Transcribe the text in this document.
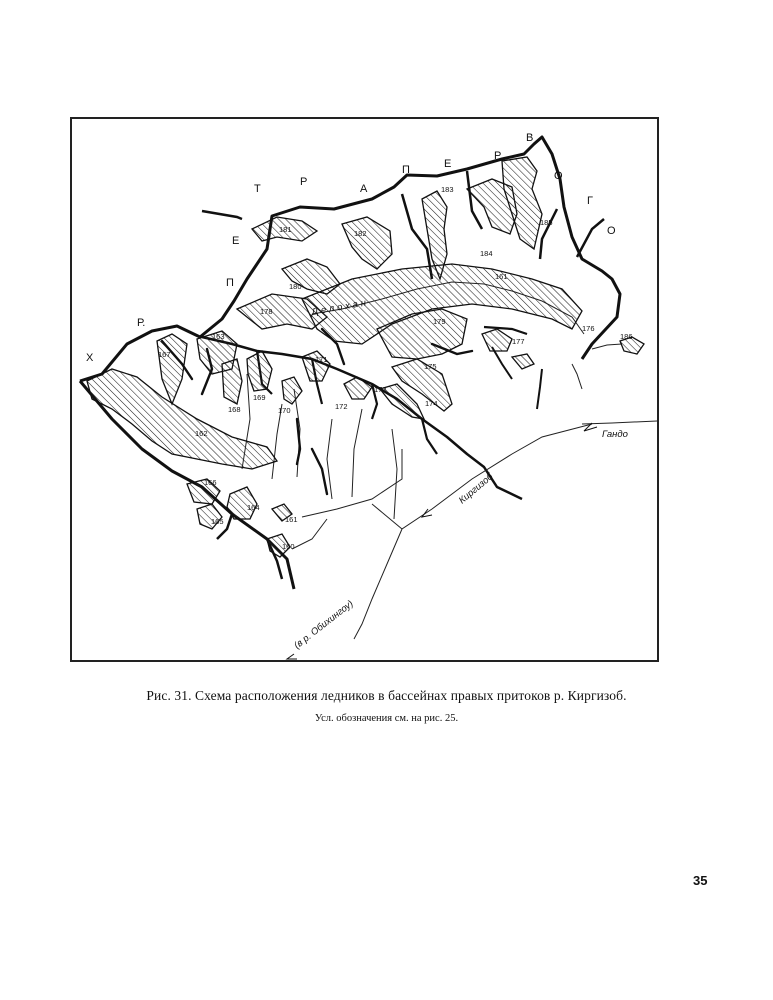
Х
Р.
П
Е
Т
Р
А
П	Е
Р
В
О
Г
О
181	182
183
184
185
180
161
178
179
176
177
175
186
163
167
171
173
174
168
169
170	172
162
166
164
165	161
160
Делохан
Гандо
Киргизоб
(в р. Обихингоу)
Рис. 31. Схема расположения ледников в бассейнах правых притоков р. Киргизоб.
Усл. обозначения см. на рис. 25.
35
